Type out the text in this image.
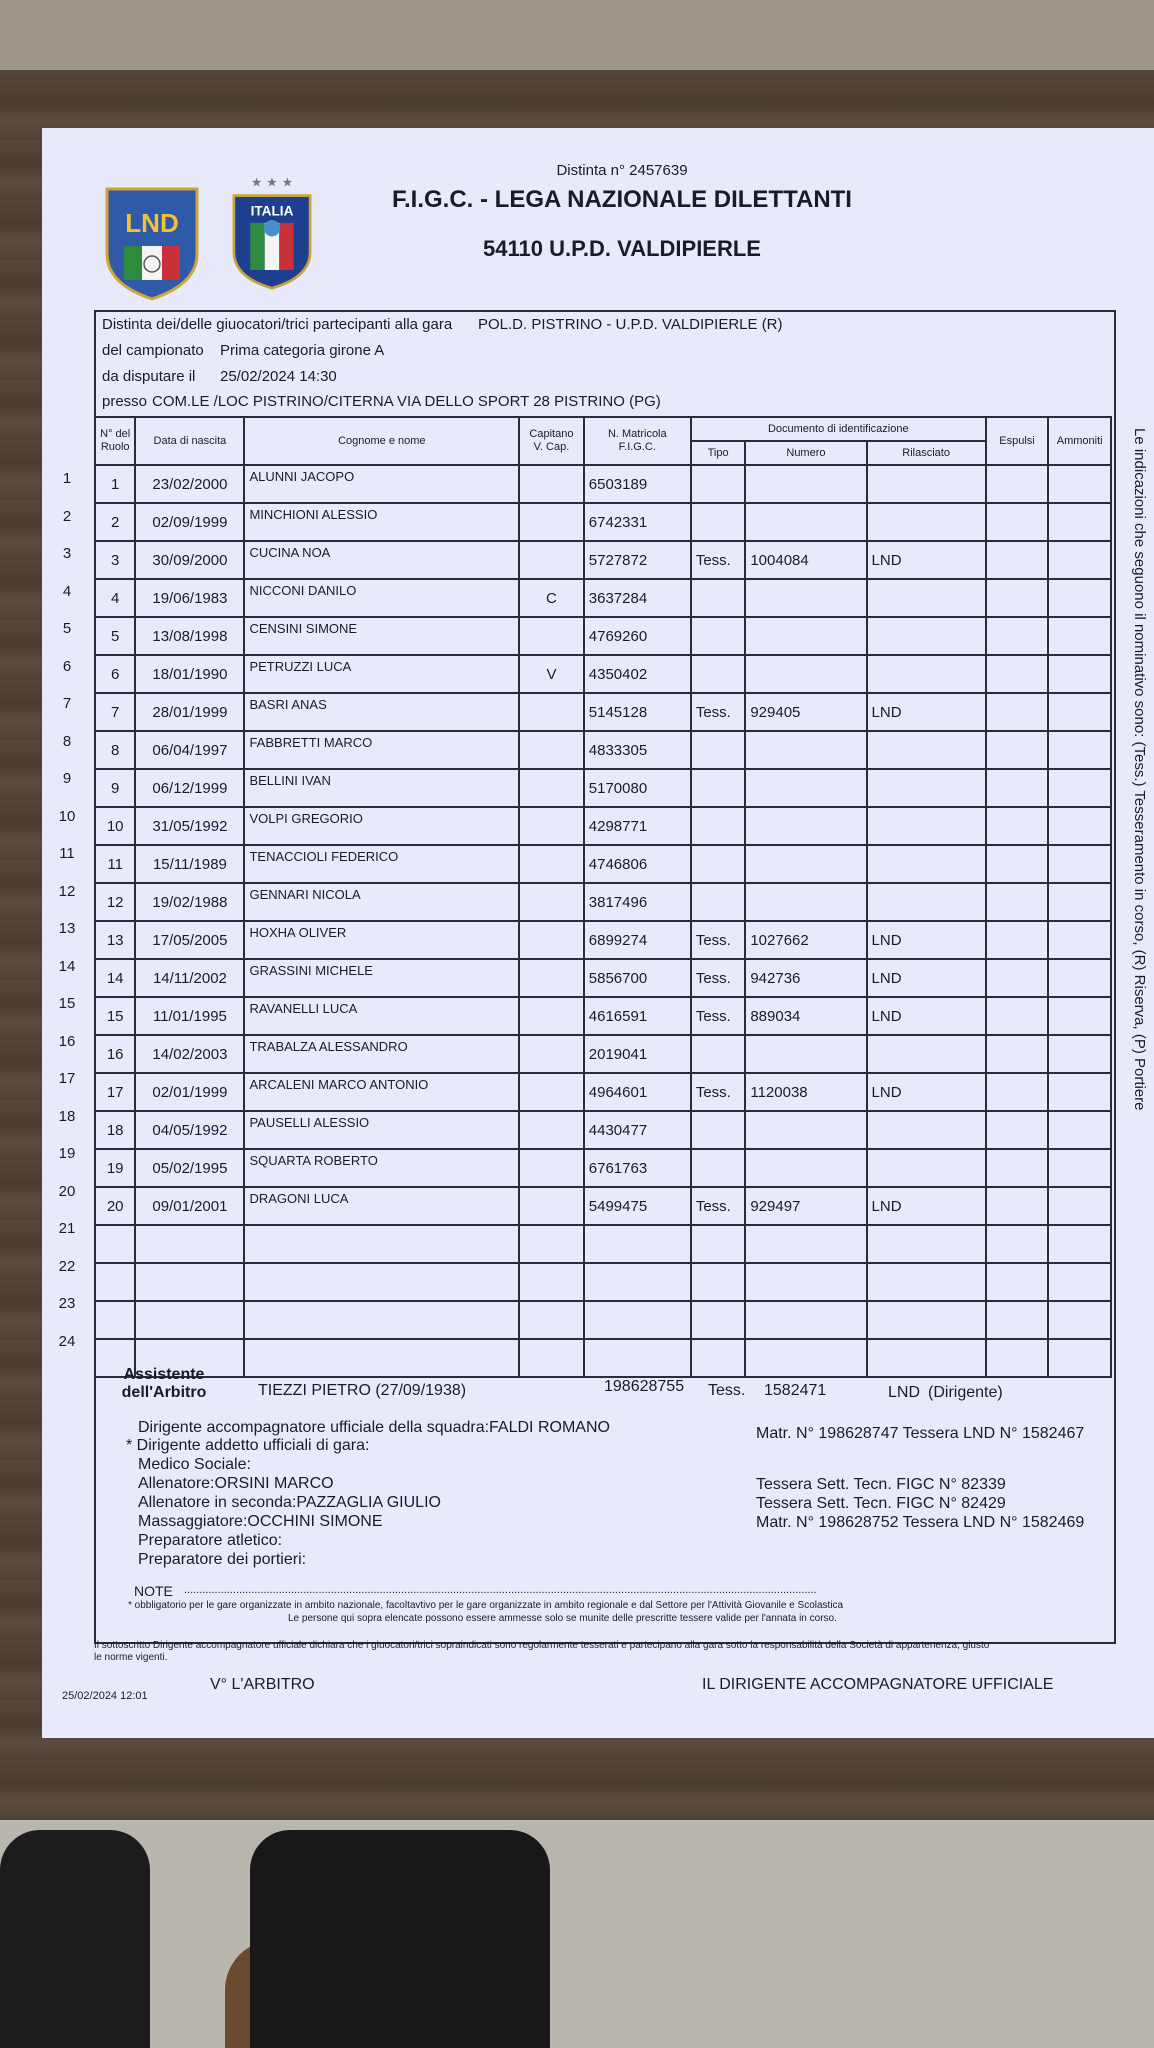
LND
★ ★ ★
ITALIA
Distinta n° 2457639
F.I.G.C. - LEGA NAZIONALE DILETTANTI
54110 U.P.D. VALDIPIERLE
Distinta dei/delle giuocatori/trici partecipanti alla gara POL.D. PISTRINO - U.P.D. VALDIPIERLE (R)
del campionato Prima categoria girone A
da disputare il 25/02/2024 14:30
presso COM.LE /LOC PISTRINO/CITERNA VIA DELLO SPORT 28 PISTRINO (PG)
1
2
3
4
5
6
7
8
9
10
11
12
13
14
15
16
17
18
19
20
21
22
23
24
N° del Ruolo	Data di nascita	Cognome e nome	Capitano V. Cap.	N. Matricola F.I.G.C.	Documento di identificazione			Espulsi	Ammoniti
					Tipo	Numero	Rilasciato		
1	23/02/2000	ALUNNI JACOPO		6503189					
2	02/09/1999	MINCHIONI ALESSIO		6742331					
3	30/09/2000	CUCINA NOA		5727872	Tess.	1004084	LND		
4	19/06/1983	NICCONI DANILO	C	3637284					
5	13/08/1998	CENSINI SIMONE		4769260					
6	18/01/1990	PETRUZZI LUCA	V	4350402					
7	28/01/1999	BASRI ANAS		5145128	Tess.	929405	LND		
8	06/04/1997	FABBRETTI MARCO		4833305					
9	06/12/1999	BELLINI IVAN		5170080					
10	31/05/1992	VOLPI GREGORIO		4298771					
11	15/11/1989	TENACCIOLI FEDERICO		4746806					
12	19/02/1988	GENNARI NICOLA		3817496					
13	17/05/2005	HOXHA OLIVER		6899274	Tess.	1027662	LND		
14	14/11/2002	GRASSINI MICHELE		5856700	Tess.	942736	LND		
15	11/01/1995	RAVANELLI LUCA		4616591	Tess.	889034	LND		
16	14/02/2003	TRABALZA ALESSANDRO		2019041					
17	02/01/1999	ARCALENI MARCO ANTONIO		4964601	Tess.	1120038	LND		
18	04/05/1992	PAUSELLI ALESSIO		4430477					
19	05/02/1995	SQUARTA ROBERTO		6761763					
20	09/01/2001	DRAGONI LUCA		5499475	Tess.	929497	LND		

Assistente
dell'Arbitro	TIEZZI PIETRO (27/09/1938)	198628755 Tess. 1582471	LND (Dirigente)
Dirigente accompagnatore ufficiale della squadra:FALDI ROMANO	Matr. N° 198628747 Tessera LND N° 1582467
* Dirigente addetto ufficiali di gara:
Medico Sociale:
Allenatore:ORSINI MARCO	Tessera Sett. Tecn. FIGC N° 82339
Allenatore in seconda:PAZZAGLIA GIULIO	Tessera Sett. Tecn. FIGC N° 82429
Massaggiatore:OCCHINI SIMONE	Matr. N° 198628752 Tessera LND N° 1582469
Preparatore atletico:
Preparatore dei portieri:
NOTE ...............................................................................................................................................................................................................
* obbligatorio per le gare organizzate in ambito nazionale, facoltavtivo per le gare organizzate in ambito regionale e dal Settore per l'Attività Giovanile e Scolastica
Le persone qui sopra elencate possono essere ammesse solo se munite delle prescritte tessere valide per l'annata in corso.
Il sottoscritto Dirigente accompagnatore ufficiale dichiara che i giuocatori/trici sopraindicati sono regolarmente tesserati e partecipano alla gara sotto la responsabilità della Società di appartenenza, giusto
le norme vigenti.
V° L'ARBITRO	IL DIRIGENTE ACCOMPAGNATORE UFFICIALE
25/02/2024 12:01
Le indicazioni che seguono il nominativo sono: (Tess.) Tesseramento in corso, (R) Riserva, (P) Portiere
